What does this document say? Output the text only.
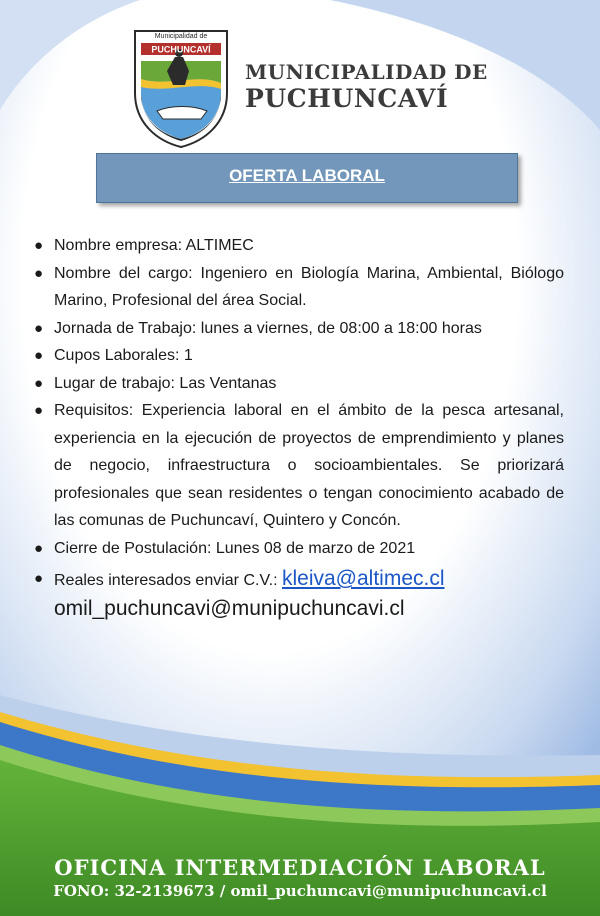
Municipalidad de
PUCHUNCAVÍ
MUNICIPALIDAD DE
PUCHUNCAVÍ
OFERTA LABORAL
● Nombre empresa: ALTIMEC
● Nombre del cargo: Ingeniero en Biología Marina, Ambiental, Biólogo Marino, Profesional del área Social.
● Jornada de Trabajo: lunes a viernes, de 08:00 a 18:00 horas
● Cupos Laborales: 1
● Lugar de trabajo: Las Ventanas
● Requisitos: Experiencia laboral en el ámbito de la pesca artesanal, experiencia en la ejecución de proyectos de emprendimiento y planes de negocio, infraestructura o socioambientales. Se priorizará profesionales que sean residentes o tengan conocimiento acabado de las comunas de Puchuncaví, Quintero y Concón.
● Cierre de Postulación: Lunes 08 de marzo de 2021
● Reales interesados enviar C.V.: kleiva@altimec.cl
omil_puchuncavi@munipuchuncavi.cl
OFICINA INTERMEDIACIÓN LABORAL
FONO: 32-2139673 / omil_puchuncavi@munipuchuncavi.cl
